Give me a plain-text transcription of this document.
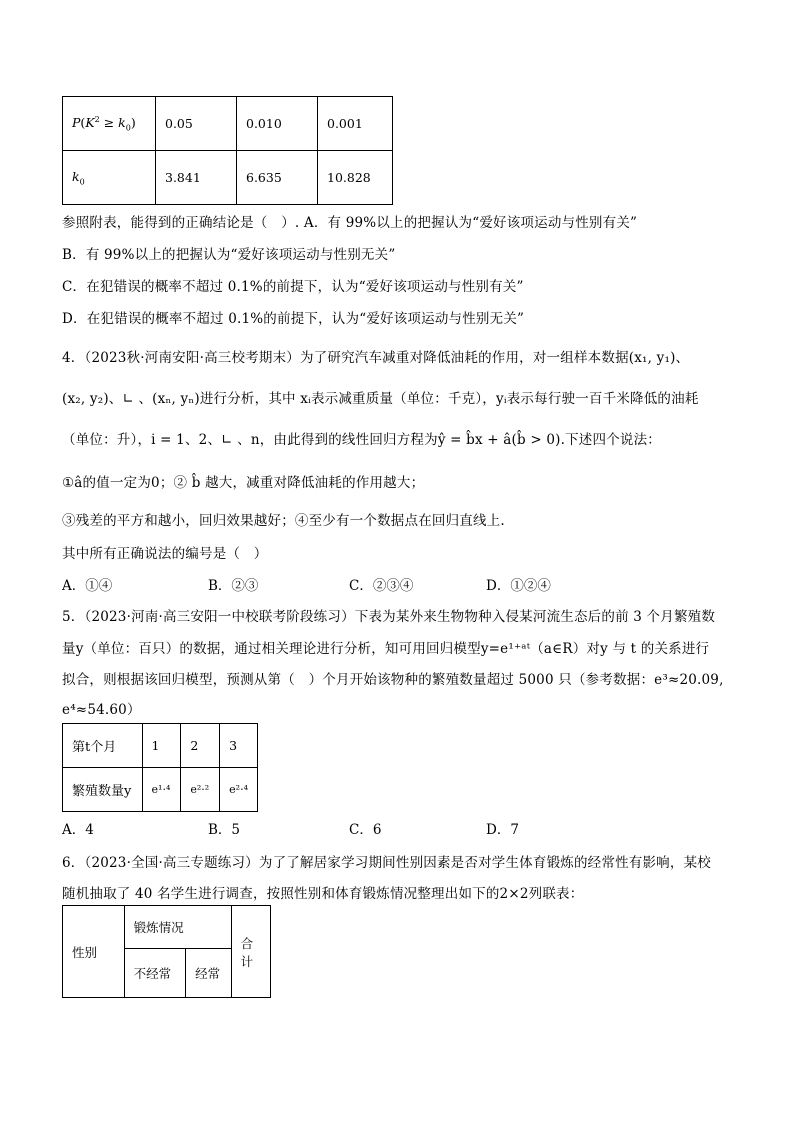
$P(K^2 \ge k_0)$	0.05	0.010	0.001
$k_0$	3.841	6.635	10.828
参照附表，能得到的正确结论是（　）. A．有 99%以上的把握认为“爱好该项运动与性别有关”
B．有 99%以上的把握认为“爱好该项运动与性别无关”
C．在犯错误的概率不超过 0.1%的前提下，认为“爱好该项运动与性别有关”
D．在犯错误的概率不超过 0.1%的前提下，认为“爱好该项运动与性别无关”
4．（2023秋·河南安阳·高三校考期末）为了研究汽车减重对降低油耗的作用，对一组样本数据(x₁, y₁)、
(x₂, y₂)、∟ 、(xₙ, yₙ)进行分析，其中 xᵢ表示减重质量（单位：千克），yᵢ表示每行驶一百千米降低的油耗
（单位：升），i = 1、2、∟ 、n，由此得到的线性回归方程为ŷ = b̂x + â(b̂ > 0).下述四个说法：
①â的值一定为0；② b̂ 越大，减重对降低油耗的作用越大；
③残差的平方和越小，回归效果越好；④至少有一个数据点在回归直线上.
其中所有正确说法的编号是（　）
A．①④	B．②③	C．②③④	D．①②④
5．（2023·河南·高三安阳一中校联考阶段练习）下表为某外来生物物种入侵某河流生态后的前 3 个月繁殖数
量y（单位：百只）的数据，通过相关理论进行分析，知可用回归模型y=e¹⁺ᵃᵗ（a∈R）对y 与 t 的关系进行
拟合，则根据该回归模型，预测从第（　）个月开始该物种的繁殖数量超过 5000 只（参考数据：e³≈20.09,
e⁴≈54.60）
第t个月	1	2	3
繁殖数量y	e¹·⁴	e²·²	e²·⁴
A．4	B．5	C．6	D．7
6．（2023·全国·高三专题练习）为了了解居家学习期间性别因素是否对学生体育锻炼的经常性有影响，某校
随机抽取了 40 名学生进行调查，按照性别和体育锻炼情况整理出如下的2×2列联表：
性别	锻炼情况		合计
	不经常	经常	
